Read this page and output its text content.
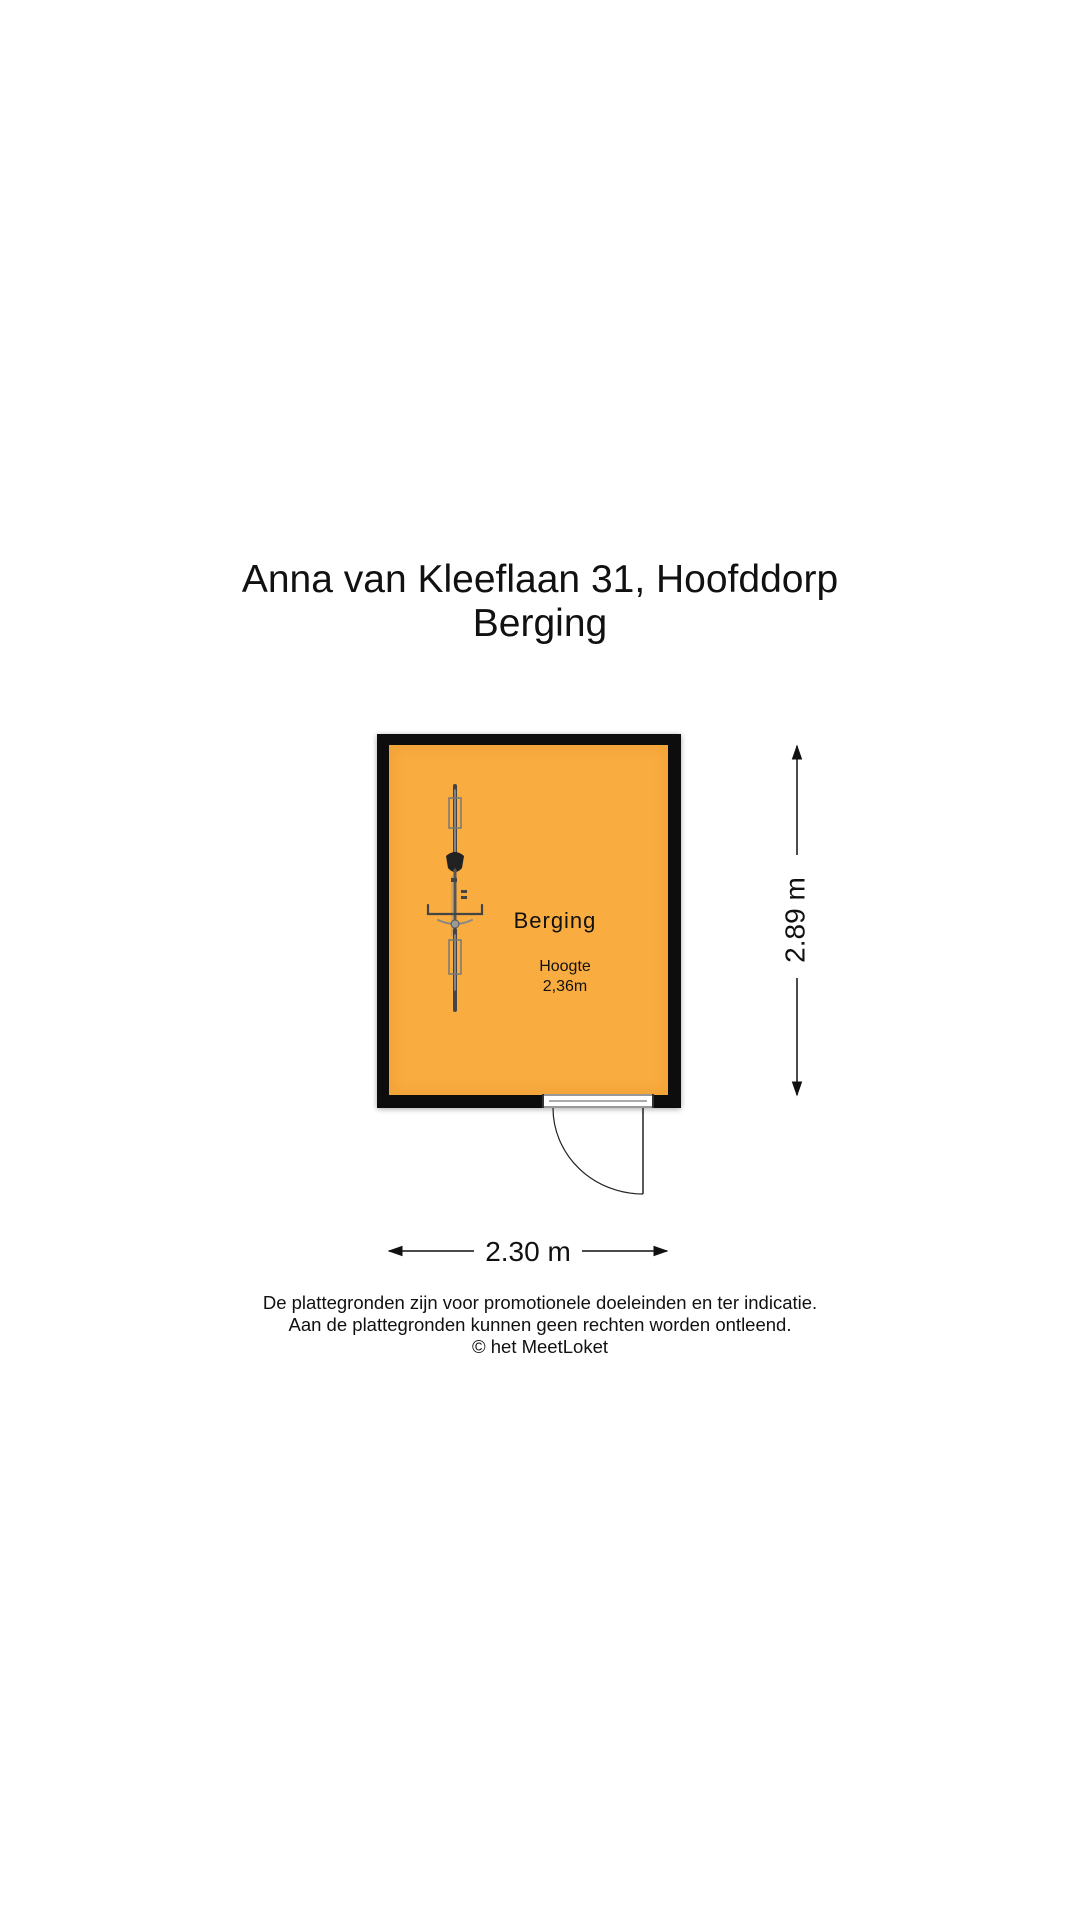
Anna van Kleeflaan 31, Hoofddorp
Berging
Berging
Hoogte
2,36m
2.89 m
2.30 m
De plattegronden zijn voor promotionele doeleinden en ter indicatie.
Aan de plattegronden kunnen geen rechten worden ontleend.
© het MeetLoket
